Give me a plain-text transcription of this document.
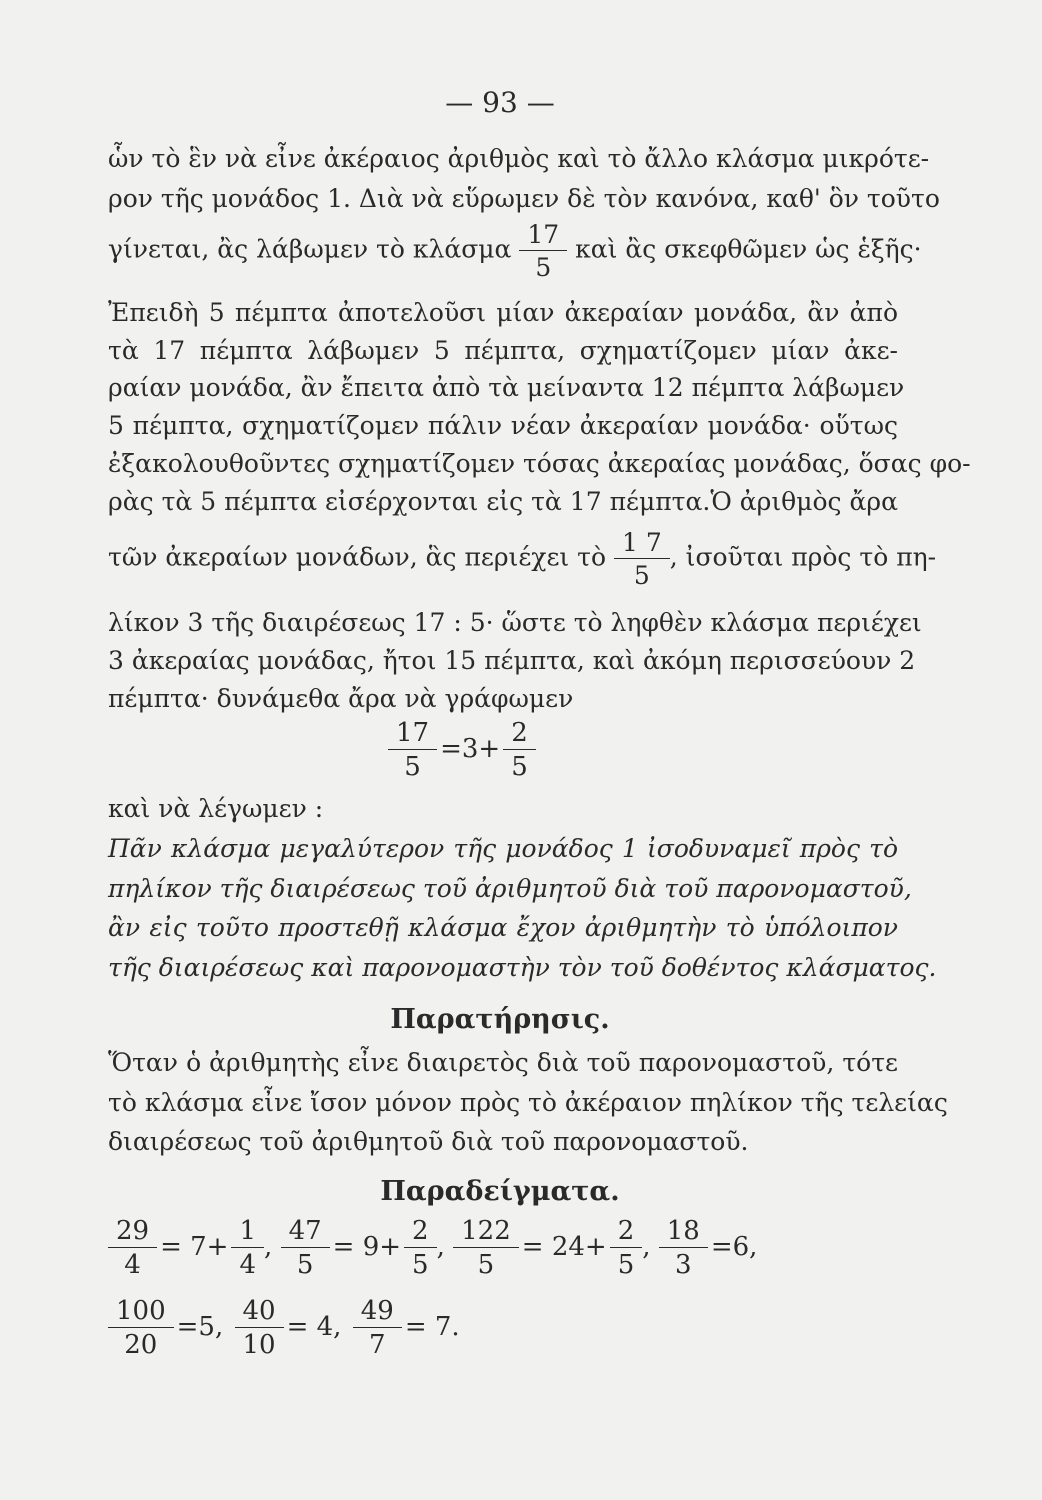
— 93 —
ὧν τὸ ἓν νὰ εἶνε ἀκέραιος ἀριθμὸς καὶ τὸ ἄλλο κλάσμα μικρότε-
ρον τῆς μονάδος 1. Διὰ νὰ εὕρωμεν δὲ τὸν κανόνα, καθ' ὃν τοῦτο
γίνεται, ἂς λάβωμεν τὸ κλάσμα $\frac{17}{5}$ καὶ ἂς σκεφθῶμεν ὡς ἑξῆς·
Ἐπειδὴ 5 πέμπτα ἀποτελοῦσι μίαν ἀκεραίαν μονάδα, ἂν ἀπὸ
τὰ 17 πέμπτα λάβωμεν 5 πέμπτα, σχηματίζομεν μίαν ἀκε-
ραίαν μονάδα, ἂν ἔπειτα ἀπὸ τὰ μείναντα 12 πέμπτα λάβωμεν
5 πέμπτα, σχηματίζομεν πάλιν νέαν ἀκεραίαν μονάδα· οὕτως
ἐξακολουθοῦντες σχηματίζομεν τόσας ἀκεραίας μονάδας, ὅσας φο-
ρὰς τὰ 5 πέμπτα εἰσέρχονται εἰς τὰ 17 πέμπτα.Ὁ ἀριθμὸς ἄρα
τῶν ἀκεραίων μονάδων, ἃς περιέχει τὸ $\frac{1 7}{5}$ , ἰσοῦται πρὸς τὸ πη-
λίκον 3 τῆς διαιρέσεως 17 : 5· ὥστε τὸ ληφθὲν κλάσμα περιέχει
3 ἀκεραίας μονάδας, ἤτοι 15 πέμπτα, καὶ ἀκόμη περισσεύουν 2
πέμπτα· δυνάμεθα ἄρα νὰ γράφωμεν
$\frac{17}{5} =3+ \frac{2}{5}$
καὶ νὰ λέγωμεν :
Πᾶν κλάσμα μεγαλύτερον τῆς μονάδος 1 ἰσοδυναμεῖ πρὸς τὸ
πηλίκον τῆς διαιρέσεως τοῦ ἀριθμητοῦ διὰ τοῦ παρονομαστοῦ,
ἂν εἰς τοῦτο προστεθῇ κλάσμα ἔχον ἀριθμητὴν τὸ ὑπόλοιπον
τῆς διαιρέσεως καὶ παρονομαστὴν τὸν τοῦ δοθέντος κλάσματος.
Παρατήρησις.
Ὅταν ὁ ἀριθμητὴς εἶνε διαιρετὸς διὰ τοῦ παρονομαστοῦ, τότε
τὸ κλάσμα εἶνε ἴσον μόνον πρὸς τὸ ἀκέραιον πηλίκον τῆς τελείας
διαιρέσεως τοῦ ἀριθμητοῦ διὰ τοῦ παρονομαστοῦ.
Παραδείγματα.
$\frac{29}{4} = 7+ \frac{1}{4}$ , $\frac{47}{5} = 9+ \frac{2}{5}$ , $\frac{122}{5} = 24+ \frac{2}{5}$ , $\frac{18}{3} =6$,
$\frac{100}{20} =5$, $\frac{40}{10} = 4$, $\frac{49}{7} = 7$.
